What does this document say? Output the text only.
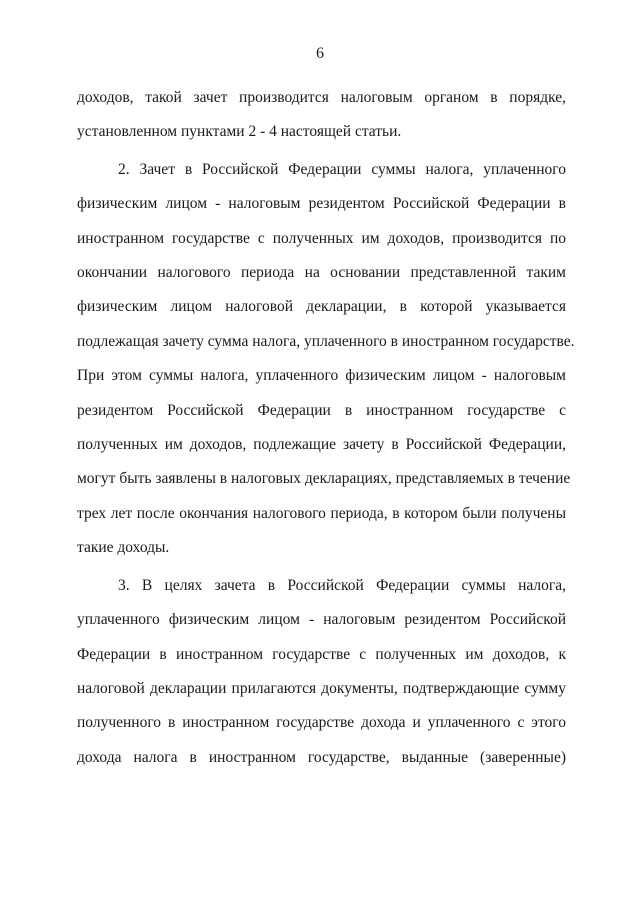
6
доходов, такой зачет производится налоговым органом в порядке,
установленном пунктами 2 - 4 настоящей статьи.
2. Зачет в Российской Федерации суммы налога, уплаченного
физическим лицом - налоговым резидентом Российской Федерации в
иностранном государстве с полученных им доходов, производится по
окончании налогового периода на основании представленной таким
физическим лицом налоговой декларации, в которой указывается
подлежащая зачету сумма налога, уплаченного в иностранном государстве.
При этом суммы налога, уплаченного физическим лицом - налоговым
резидентом Российской Федерации в иностранном государстве с
полученных им доходов, подлежащие зачету в Российской Федерации,
могут быть заявлены в налоговых декларациях, представляемых в течение
трех лет после окончания налогового периода, в котором были получены
такие доходы.
3. В целях зачета в Российской Федерации суммы налога,
уплаченного физическим лицом - налоговым резидентом Российской
Федерации в иностранном государстве с полученных им доходов, к
налоговой декларации прилагаются документы, подтверждающие сумму
полученного в иностранном государстве дохода и уплаченного с этого
дохода налога в иностранном государстве, выданные (заверенные)
